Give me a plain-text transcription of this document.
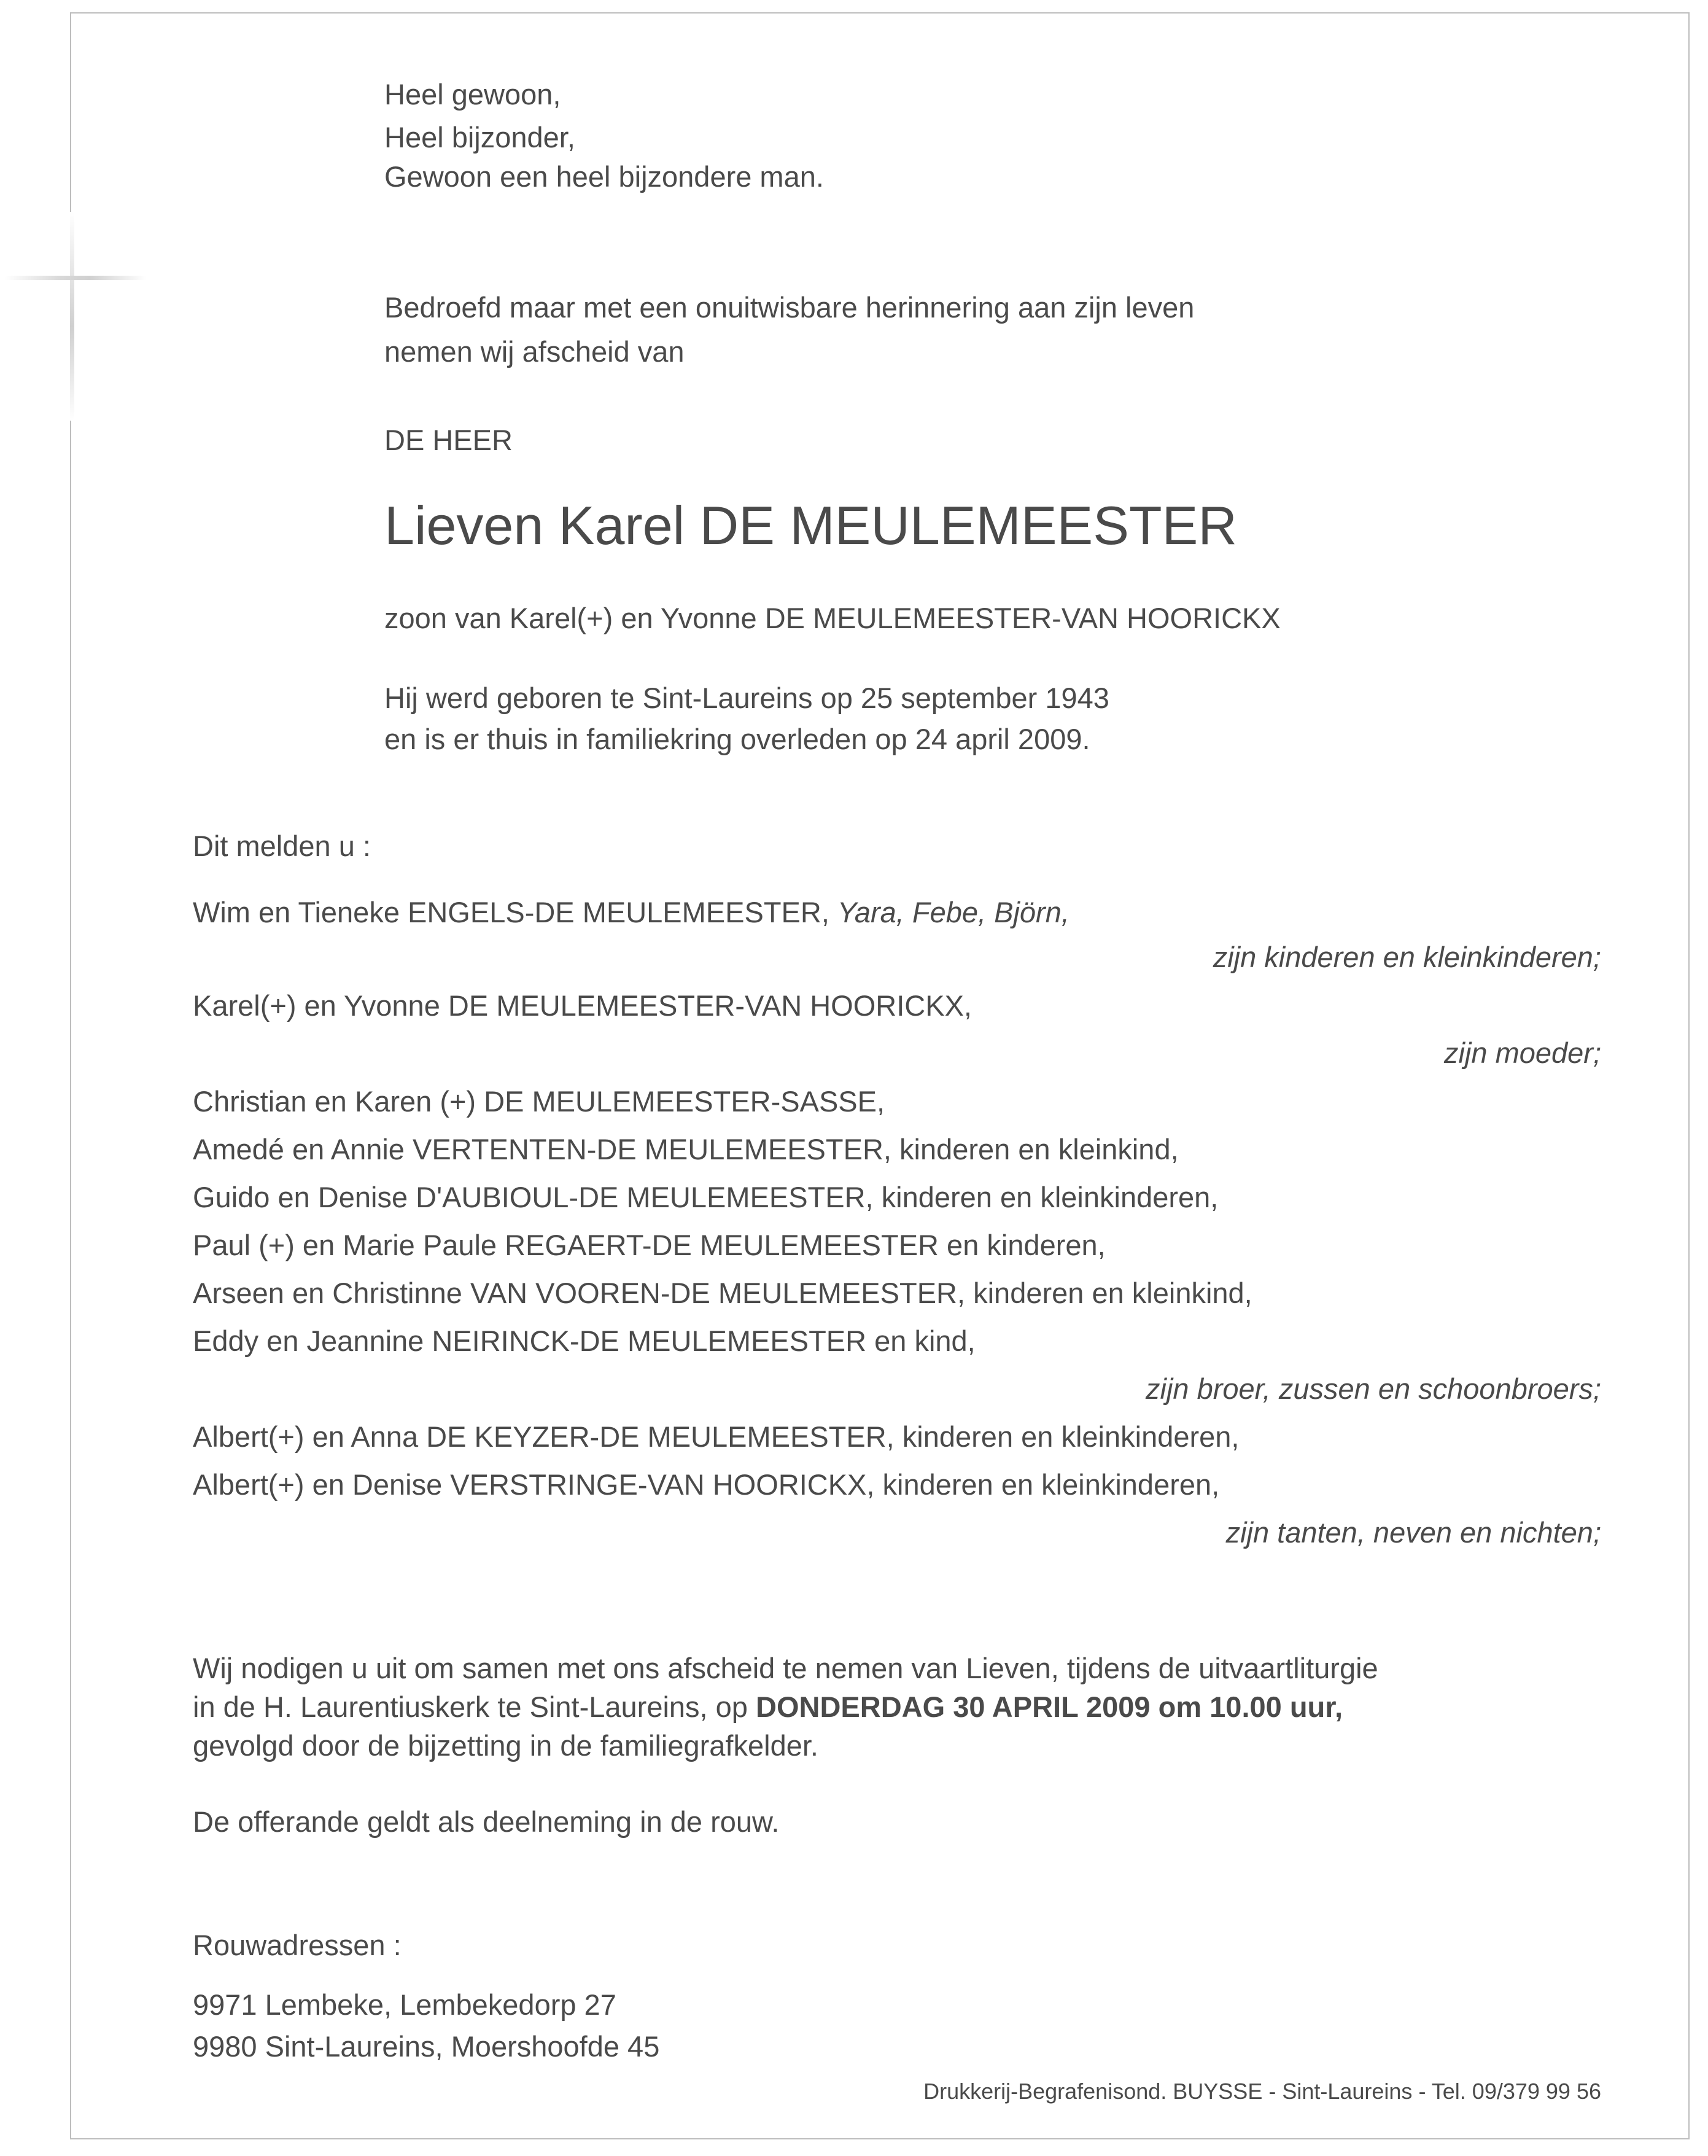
Heel gewoon,

Heel bijzonder,

Gewoon een heel bijzondere man.

Bedroefd maar met een onuitwisbare herinnering aan zijn leven

nemen wij afscheid van

DE HEER

Lieven Karel DE MEULEMEESTER

zoon van Karel(+) en Yvonne DE MEULEMEESTER-VAN HOORICKX

Hij werd geboren te Sint-Laureins op 25 september 1943

en is er thuis in familiekring overleden op 24 april 2009.

Dit melden u :

Wim en Tieneke ENGELS-DE MEULEMEESTER, Yara, Febe, Björn,

zijn kinderen en kleinkinderen;

Karel(+) en Yvonne DE MEULEMEESTER-VAN HOORICKX,

zijn moeder;

Christian en Karen (+) DE MEULEMEESTER-SASSE,

Amedé en Annie VERTENTEN-DE MEULEMEESTER, kinderen en kleinkind,

Guido en Denise D'AUBIOUL-DE MEULEMEESTER, kinderen en kleinkinderen,

Paul (+) en Marie Paule REGAERT-DE MEULEMEESTER en kinderen,

Arseen en Christinne VAN VOOREN-DE MEULEMEESTER, kinderen en kleinkind,

Eddy en Jeannine NEIRINCK-DE MEULEMEESTER en kind,

zijn broer, zussen en schoonbroers;

Albert(+) en Anna DE KEYZER-DE MEULEMEESTER, kinderen en kleinkinderen,

Albert(+) en Denise VERSTRINGE-VAN HOORICKX, kinderen en kleinkinderen,

zijn tanten, neven en nichten;

Wij nodigen u uit om samen met ons afscheid te nemen van Lieven, tijdens de uitvaartliturgie

in de H. Laurentiuskerk te Sint-Laureins, op DONDERDAG 30 APRIL 2009 om 10.00 uur,

gevolgd door de bijzetting in de familiegrafkelder.

De offerande geldt als deelneming in de rouw.

Rouwadressen :

9971 Lembeke, Lembekedorp 27

9980 Sint-Laureins, Moershoofde 45

Drukkerij-Begrafenisond. BUYSSE - Sint-Laureins - Tel. 09/379 99 56
